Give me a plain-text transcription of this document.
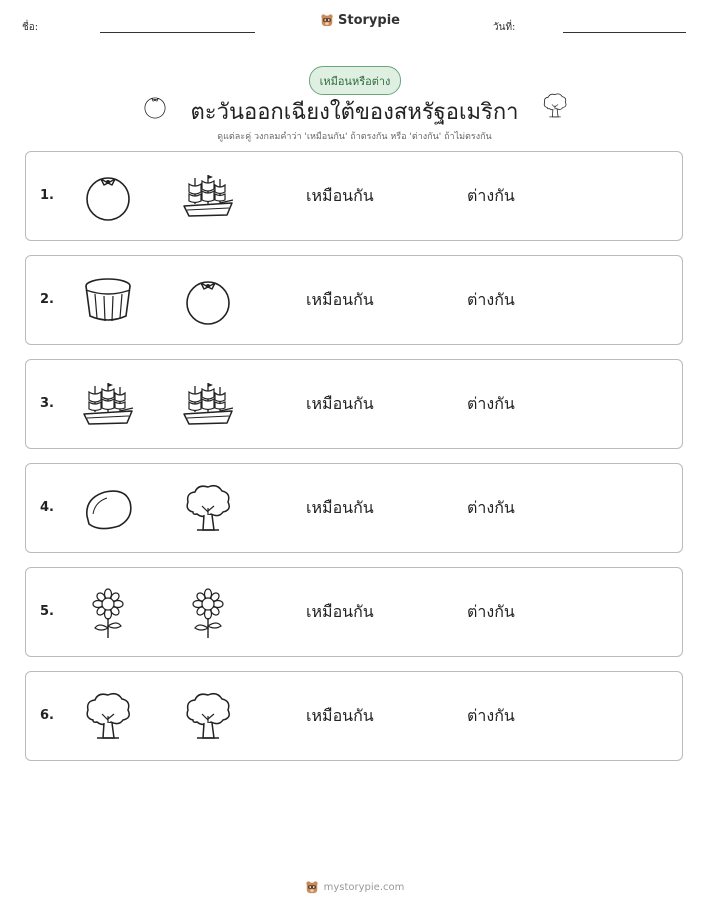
ชื่อ:	Storypie	วันที่:
เหมือนหรือต่าง
ตะวันออกเฉียงใต้ของสหรัฐอเมริกา
ดูแต่ละคู่ วงกลมคำว่า 'เหมือนกัน' ถ้าตรงกัน หรือ 'ต่างกัน' ถ้าไม่ตรงกัน
1.	เหมือนกัน	ต่างกัน
2.	เหมือนกัน	ต่างกัน
3.	เหมือนกัน	ต่างกัน
4.	เหมือนกัน	ต่างกัน
5.	เหมือนกัน	ต่างกัน
6.	เหมือนกัน	ต่างกัน
mystorypie.com
